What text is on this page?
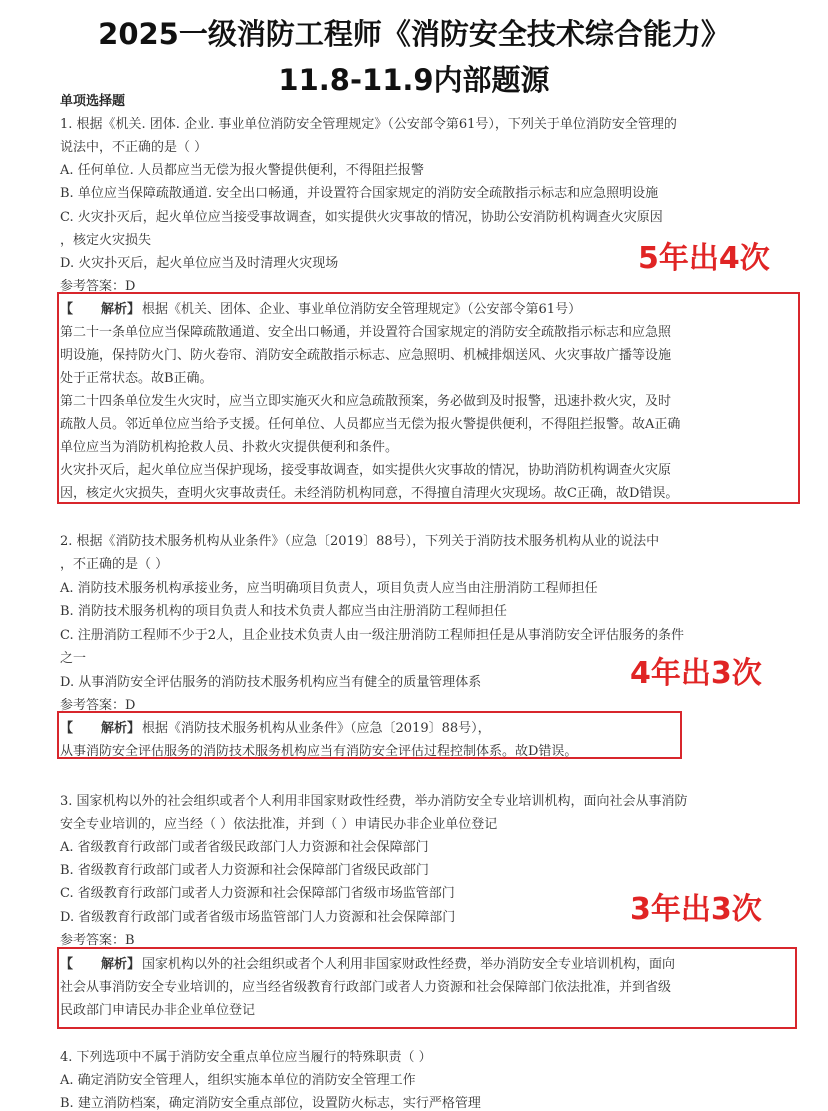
2025一级消防工程师《消防安全技术综合能力》
11.8-11.9内部题源
单项选择题
1. 根据《机关. 团体. 企业. 事业单位消防安全管理规定》（公安部令第61号），下列关于单位消防安全管理的
说法中，不正确的是（ ）
A. 任何单位. 人员都应当无偿为报火警提供便利，不得阻拦报警
B. 单位应当保障疏散通道. 安全出口畅通，并设置符合国家规定的消防安全疏散指示标志和应急照明设施
C. 火灾扑灭后，起火单位应当接受事故调查，如实提供火灾事故的情况，协助公安消防机构调查火灾原因
，核定火灾损失
D. 火灾扑灭后，起火单位应当及时清理火灾现场
参考答案：D
5年出4次
【 解析】 根据《机关、团体、企业、事业单位消防安全管理规定》（公安部令第61号）
第二十一条单位应当保障疏散通道、安全出口畅通，并设置符合国家规定的消防安全疏散指示标志和应急照
明设施，保持防火门、防火卷帘、消防安全疏散指示标志、应急照明、机械排烟送风、火灾事故广播等设施
处于正常状态。故B正确。
第二十四条单位发生火灾时，应当立即实施灭火和应急疏散预案，务必做到及时报警，迅速扑救火灾，及时
疏散人员。邻近单位应当给予支援。任何单位、人员都应当无偿为报火警提供便利，不得阻拦报警。故A正确
单位应当为消防机构抢救人员、扑救火灾提供便利和条件。
火灾扑灭后，起火单位应当保护现场，接受事故调查，如实提供火灾事故的情况，协助消防机构调查火灾原
因，核定火灾损失，查明火灾事故责任。未经消防机构同意，不得擅自清理火灾现场。故C正确，故D错误。
2. 根据《消防技术服务机构从业条件》（应急〔2019〕88号），下列关于消防技术服务机构从业的说法中
，不正确的是（ ）
A. 消防技术服务机构承接业务，应当明确项目负责人，项目负责人应当由注册消防工程师担任
B. 消防技术服务机构的项目负责人和技术负责人都应当由注册消防工程师担任
C. 注册消防工程师不少于2人，且企业技术负责人由一级注册消防工程师担任是从事消防安全评估服务的条件
之一
D. 从事消防安全评估服务的消防技术服务机构应当有健全的质量管理体系
参考答案：D
4年出3次
【 解析】 根据《消防技术服务机构从业条件》（应急〔2019〕88号），
从事消防安全评估服务的消防技术服务机构应当有消防安全评估过程控制体系。故D错误。
3. 国家机构以外的社会组织或者个人利用非国家财政性经费，举办消防安全专业培训机构，面向社会从事消防
安全专业培训的，应当经（ ）依法批准，并到（ ）申请民办非企业单位登记
A. 省级教育行政部门或者省级民政部门人力资源和社会保障部门
B. 省级教育行政部门或者人力资源和社会保障部门省级民政部门
C. 省级教育行政部门或者人力资源和社会保障部门省级市场监管部门
D. 省级教育行政部门或者省级市场监管部门人力资源和社会保障部门
参考答案：B
3年出3次
【 解析】 国家机构以外的社会组织或者个人利用非国家财政性经费，举办消防安全专业培训机构，面向
社会从事消防安全专业培训的，应当经省级教育行政部门或者人力资源和社会保障部门依法批准，并到省级
民政部门申请民办非企业单位登记
4. 下列选项中不属于消防安全重点单位应当履行的特殊职责（ ）
A. 确定消防安全管理人，组织实施本单位的消防安全管理工作
B. 建立消防档案，确定消防安全重点部位，设置防火标志，实行严格管理
